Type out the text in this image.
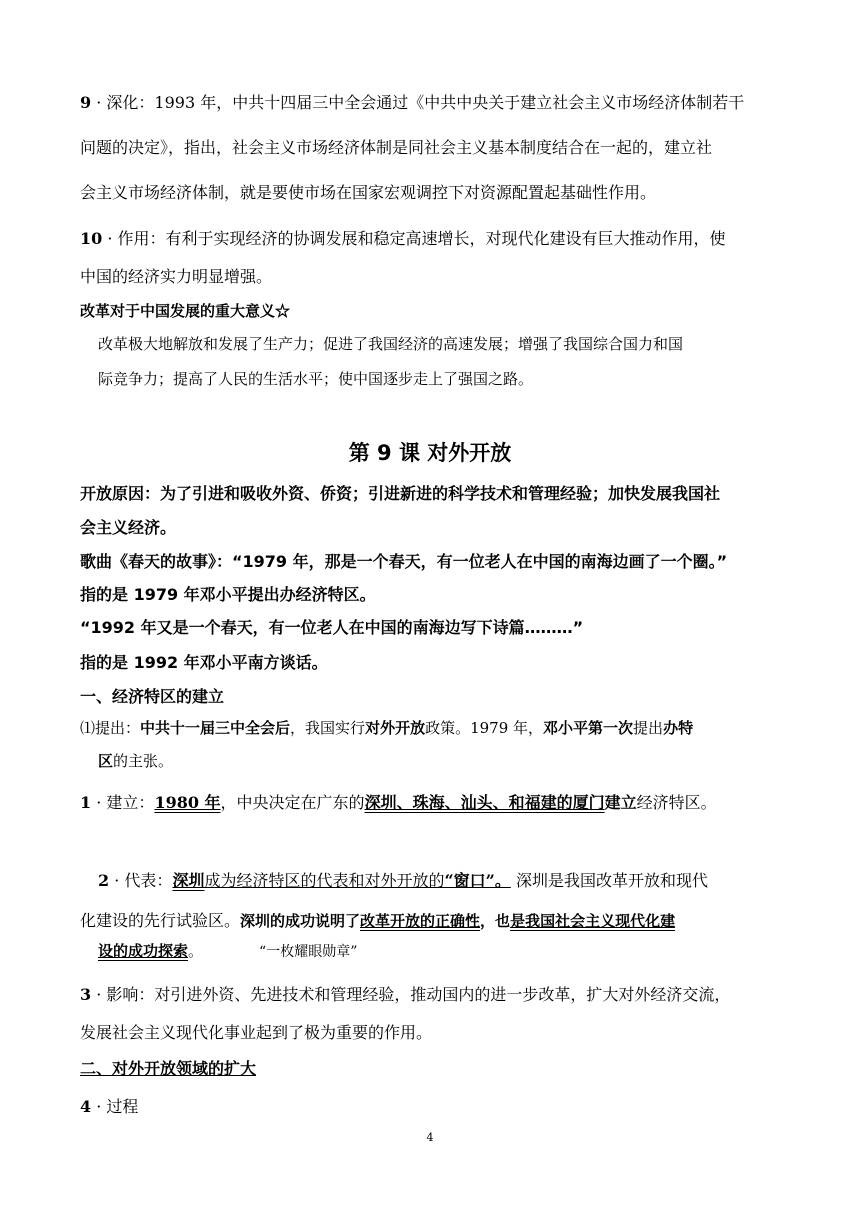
9 · 深化：1993 年，中共十四届三中全会通过《中共中央关于建立社会主义市场经济体制若干
问题的决定》，指出，社会主义市场经济体制是同社会主义基本制度结合在一起的，建立社
会主义市场经济体制，就是要使市场在国家宏观调控下对资源配置起基础性作用。
10 · 作用：有利于实现经济的协调发展和稳定高速增长，对现代化建设有巨大推动作用，使
中国的经济实力明显增强。
改革对于中国发展的重大意义☆
改革极大地解放和发展了生产力；促进了我国经济的高速发展；增强了我国综合国力和国
际竞争力；提高了人民的生活水平；使中国逐步走上了强国之路。
第 9 课 对外开放
开放原因：为了引进和吸收外资、侨资；引进新进的科学技术和管理经验；加快发展我国社
会主义经济。
歌曲《春天的故事》：“1979 年，那是一个春天，有一位老人在中国的南海边画了一个圈。”
指的是 1979 年邓小平提出办经济特区。
“1992 年又是一个春天，有一位老人在中国的南海边写下诗篇………”
指的是 1992 年邓小平南方谈话。
一、经济特区的建立
⑴提出：中共十一届三中全会后，我国实行对外开放政策。1979 年，邓小平第一次提出办特
区的主张。
1 · 建立：1980 年，中央决定在广东的深圳、珠海、汕头、和福建的厦门建立经济特区。
2 · 代表：深圳成为经济特区的代表和对外开放的“窗口”。 深圳是我国改革开放和现代
化建设的先行试验区。深圳的成功说明了改革开放的正确性，也是我国社会主义现代化建
设的成功探索。	“一枚耀眼勋章”
3 · 影响：对引进外资、先进技术和管理经验，推动国内的进一步改革，扩大对外经济交流，
发展社会主义现代化事业起到了极为重要的作用。
二、对外开放领域的扩大
4 · 过程
4
